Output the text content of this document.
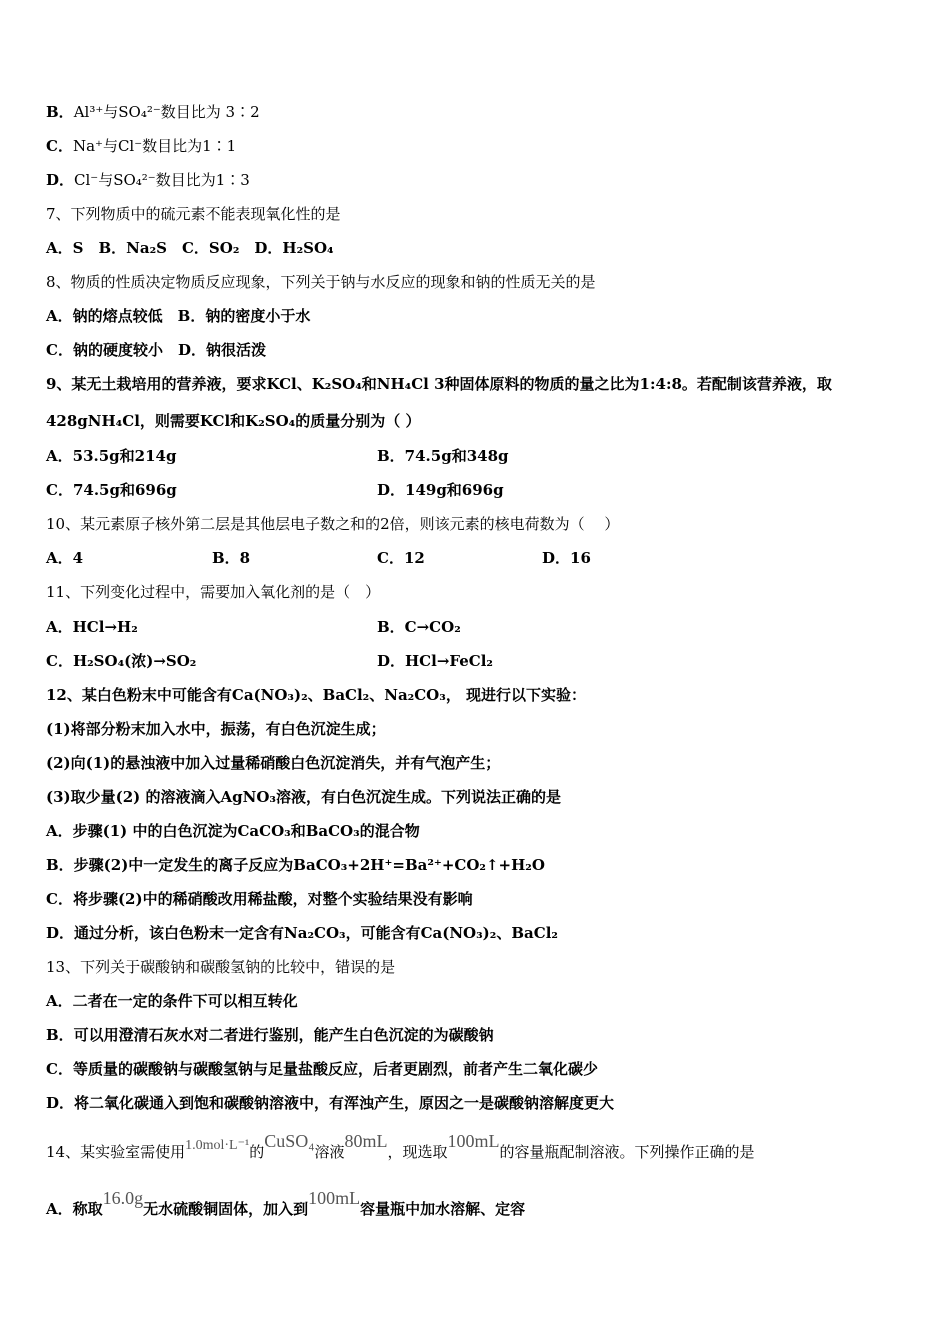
B．Al³⁺与SO₄²⁻数目比为 3∶2
C．Na⁺与Cl⁻数目比为1∶1
D．Cl⁻与SO₄²⁻数目比为1∶3
7、下列物质中的硫元素不能表现氧化性的是
A．S　B．Na₂S　C．SO₂　D．H₂SO₄
8、物质的性质决定物质反应现象，下列关于钠与水反应的现象和钠的性质无关的是
A．钠的熔点较低　B．钠的密度小于水
C．钠的硬度较小　D．钠很活泼
9、某无土栽培用的营养液，要求KCl、K₂SO₄和NH₄Cl 3种固体原料的物质的量之比为1:4:8。若配制该营养液，取
428gNH₄Cl，则需要KCl和K₂SO₄的质量分别为（ ）
A．53.5g和214g	B．74.5g和348g
C．74.5g和696g	D．149g和696g
10、某元素原子核外第二层是其他层电子数之和的2倍，则该元素的核电荷数为（　 ）
A．4	B．8	C．12	D．16
11、下列变化过程中，需要加入氧化剂的是（　）
A．HCl→H₂	B．C→CO₂
C．H₂SO₄(浓)→SO₂	D．HCl→FeCl₂
12、某白色粉末中可能含有Ca(NO₃)₂、BaCl₂、Na₂CO₃， 现进行以下实验：
(1)将部分粉末加入水中，振荡，有白色沉淀生成；
(2)向(1)的悬浊液中加入过量稀硝酸白色沉淀消失，并有气泡产生；
(3)取少量(2) 的溶液滴入AgNO₃溶液，有白色沉淀生成。下列说法正确的是
A．步骤(1) 中的白色沉淀为CaCO₃和BaCO₃的混合物
B．步骤(2)中一定发生的离子反应为BaCO₃+2H⁺=Ba²⁺+CO₂↑+H₂O
C．将步骤(2)中的稀硝酸改用稀盐酸，对整个实验结果没有影响
D．通过分析，该白色粉末一定含有Na₂CO₃，可能含有Ca(NO₃)₂、BaCl₂
13、下列关于碳酸钠和碳酸氢钠的比较中，错误的是
A．二者在一定的条件下可以相互转化
B．可以用澄清石灰水对二者进行鉴别，能产生白色沉淀的为碳酸钠
C．等质量的碳酸钠与碳酸氢钠与足量盐酸反应，后者更剧烈，前者产生二氧化碳少
D．将二氧化碳通入到饱和碳酸钠溶液中，有浑浊产生，原因之一是碳酸钠溶解度更大
14、某实验室需使用1.0mol·L⁻¹的CuSO₄溶液80mL，现选取100mL的容量瓶配制溶液。下列操作正确的是
A．称取16.0g无水硫酸铜固体，加入到100mL容量瓶中加水溶解、定容
